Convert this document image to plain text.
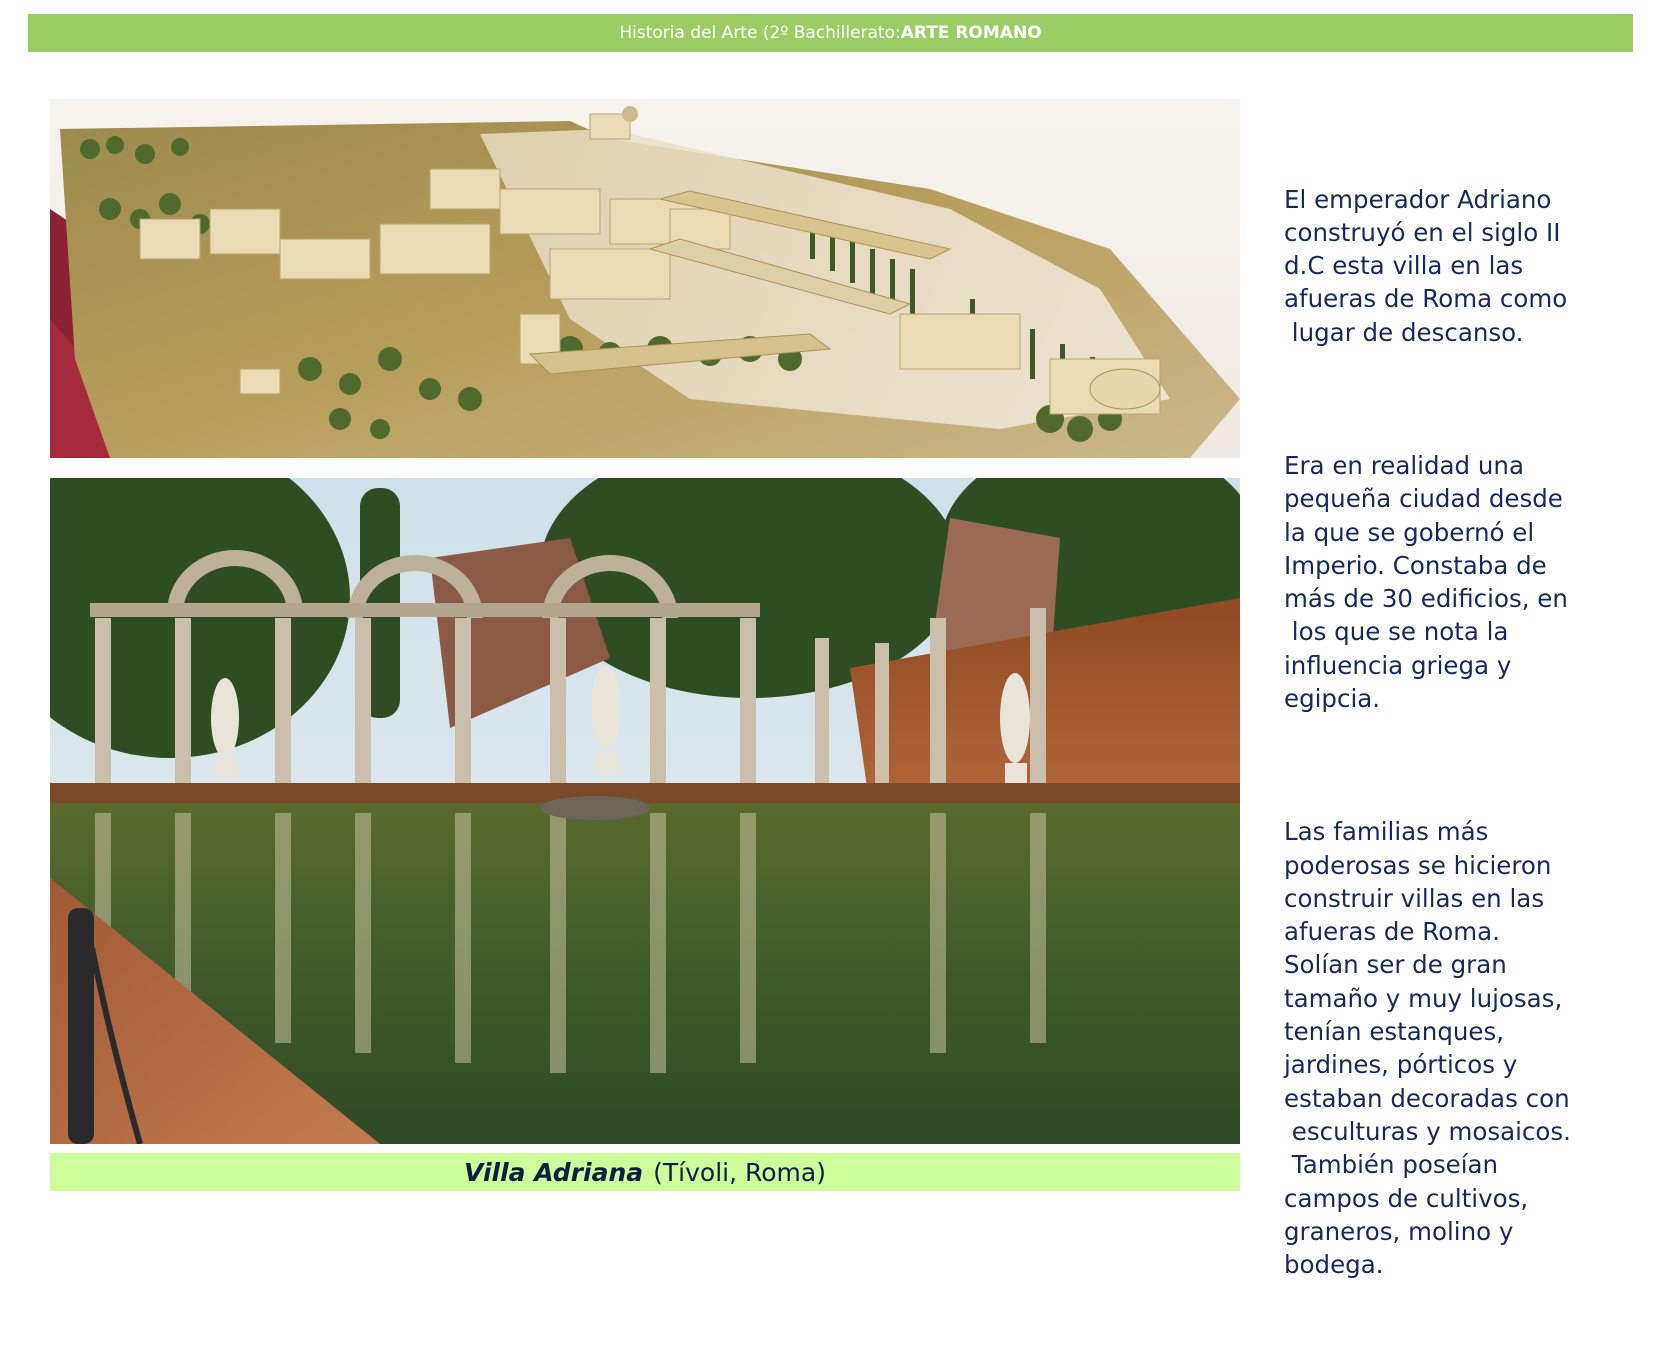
Historia del Arte (2º Bachillerato: ARTE ROMANO
Villa Adriana (Tívoli, Roma)

El emperador Adriano
construyó en el siglo II
d.C esta villa en las
afueras de Roma como
lugar de descanso.

Era en realidad una
pequeña ciudad desde
la que se gobernó el
Imperio. Constaba de
más de 30 edificios, en
los que se nota la
influencia griega y
egipcia.

Las familias más
poderosas se hicieron
construir villas en las
afueras de Roma.
Solían ser de gran
tamaño y muy lujosas,
tenían estanques,
jardines, pórticos y
estaban decoradas con
esculturas y mosaicos.
También poseían
campos de cultivos,
graneros, molino y
bodega.
